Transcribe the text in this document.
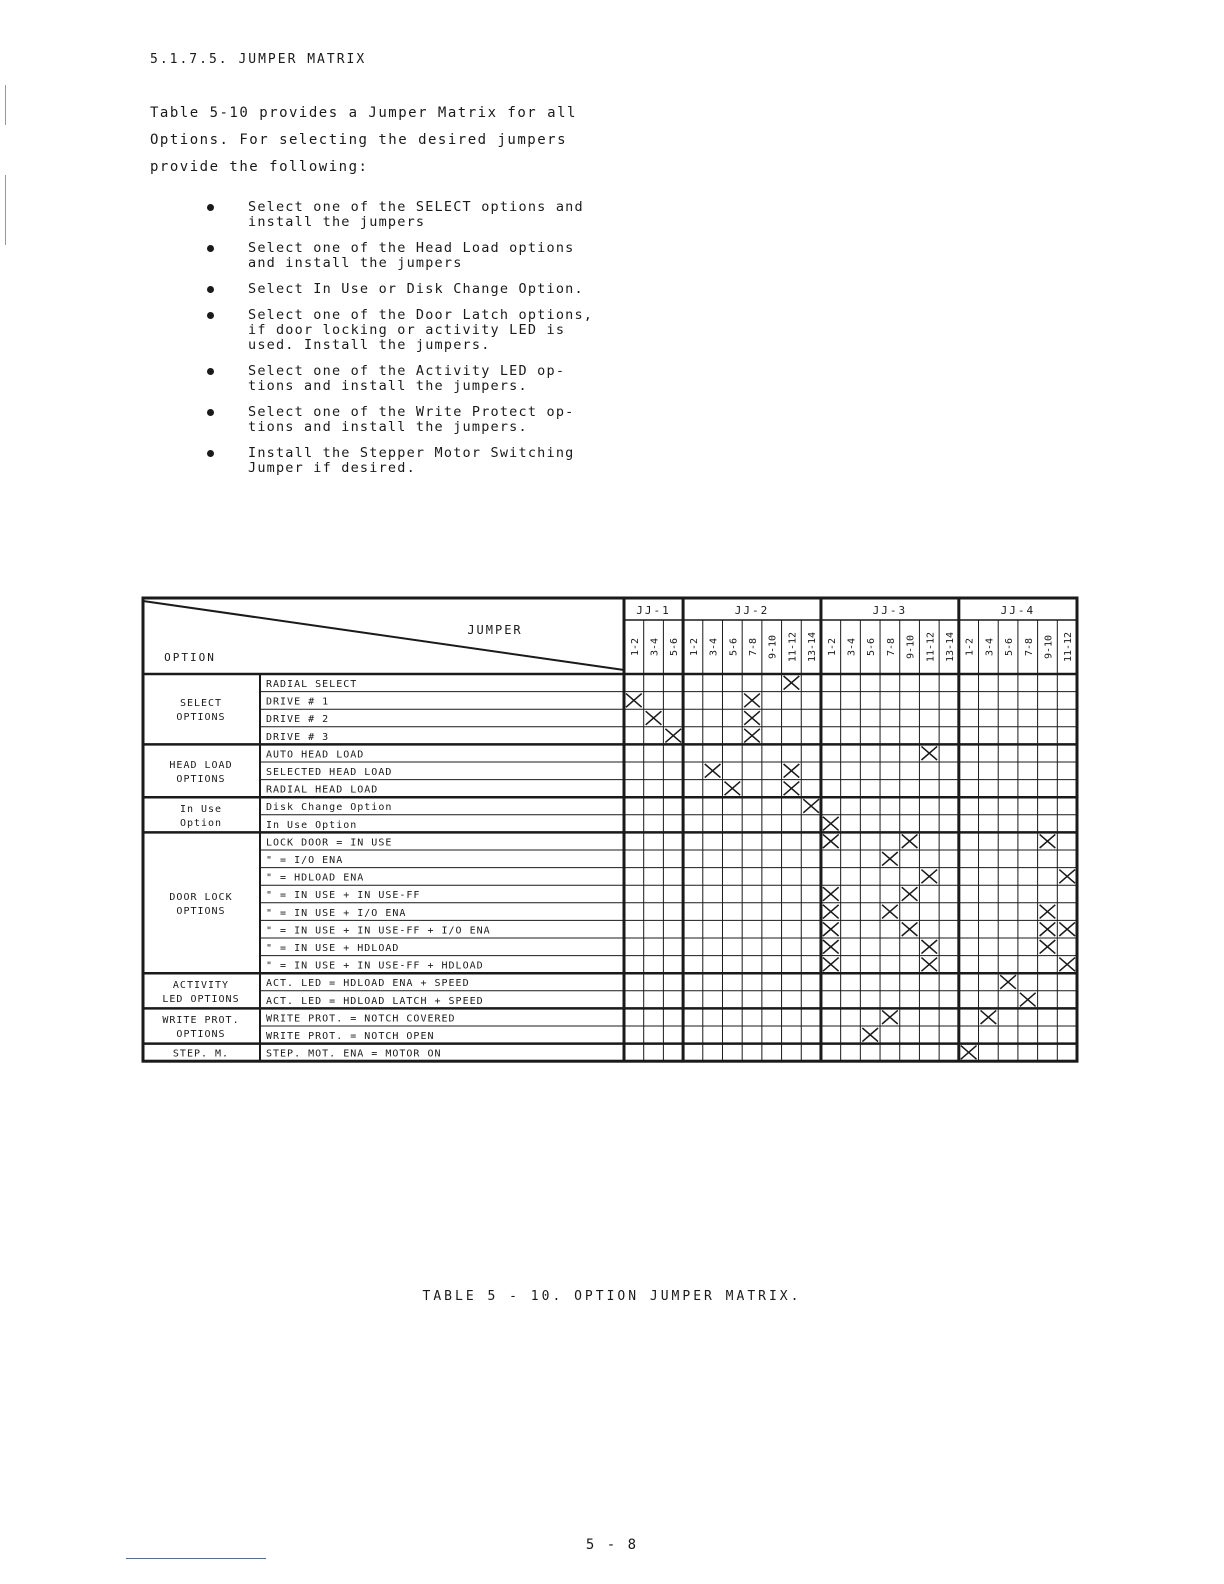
5.1.7.5. JUMPER MATRIX

Table 5-10 provides a Jumper Matrix for all
Options. For selecting the desired jumpers
provide the following:

Select one of the SELECT options and
install the jumpers
Select one of the Head Load options
and install the jumpers
Select In Use or Disk Change Option.
Select one of the Door Latch options,
if door locking or activity LED is
used. Install the jumpers.
Select one of the Activity LED op-
tions and install the jumpers.
Select one of the Write Protect op-
tions and install the jumpers.
Install the Stepper Motor Switching
Jumper if desired.
JUMPER
OPTION
JJ-1
1-2 3-4 5-6
JJ-2
1-2 3-4 5-6 7-8 9-10 11-12 13-14
JJ-3
1-2 3-4 5-6 7-8 9-10 11-12 13-14
JJ-4
1-2 3-4 5-6 7-8 9-10 11-12
SELECT
OPTIONS
RADIAL SELECT
DRIVE # 1
DRIVE # 2
DRIVE # 3
HEAD LOAD
OPTIONS
AUTO HEAD LOAD
SELECTED HEAD LOAD
RADIAL HEAD LOAD
In Use
Option
Disk Change Option
In Use Option
DOOR LOCK
OPTIONS
LOCK DOOR = IN USE
" = I/O ENA
" = HDLOAD ENA
" = IN USE + IN USE-FF
" = IN USE + I/O ENA
" = IN USE + IN USE-FF + I/O ENA
" = IN USE + HDLOAD
" = IN USE + IN USE-FF + HDLOAD
ACTIVITY
LED OPTIONS
ACT. LED = HDLOAD ENA + SPEED
ACT. LED = HDLOAD LATCH + SPEED
WRITE PROT.
OPTIONS
WRITE PROT. = NOTCH COVERED
WRITE PROT. = NOTCH OPEN
STEP. M.	STEP. MOT. ENA = MOTOR ON
TABLE 5 - 10. OPTION JUMPER MATRIX.
5 - 8
